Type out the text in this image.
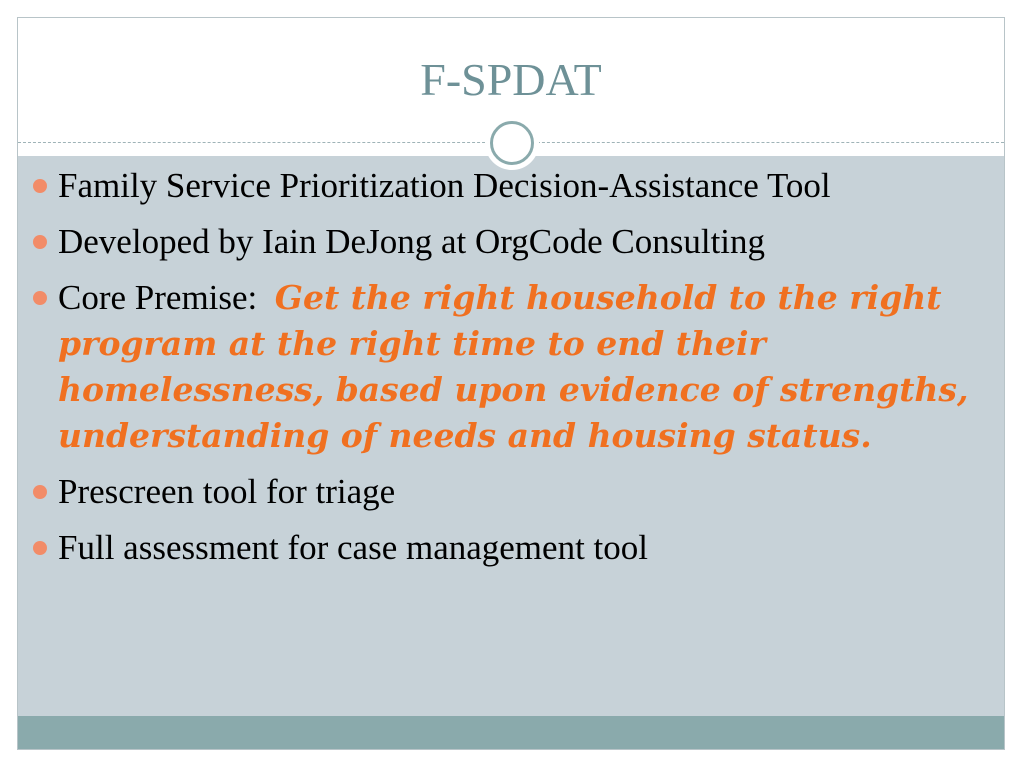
F-SPDAT
Family Service Prioritization Decision-Assistance Tool
Developed by Iain DeJong at OrgCode Consulting
Core Premise:  Get the right household to the right program at the right time to end their homelessness, based upon evidence of strengths, understanding of needs and housing status.
Prescreen tool for triage
Full assessment for case management tool
